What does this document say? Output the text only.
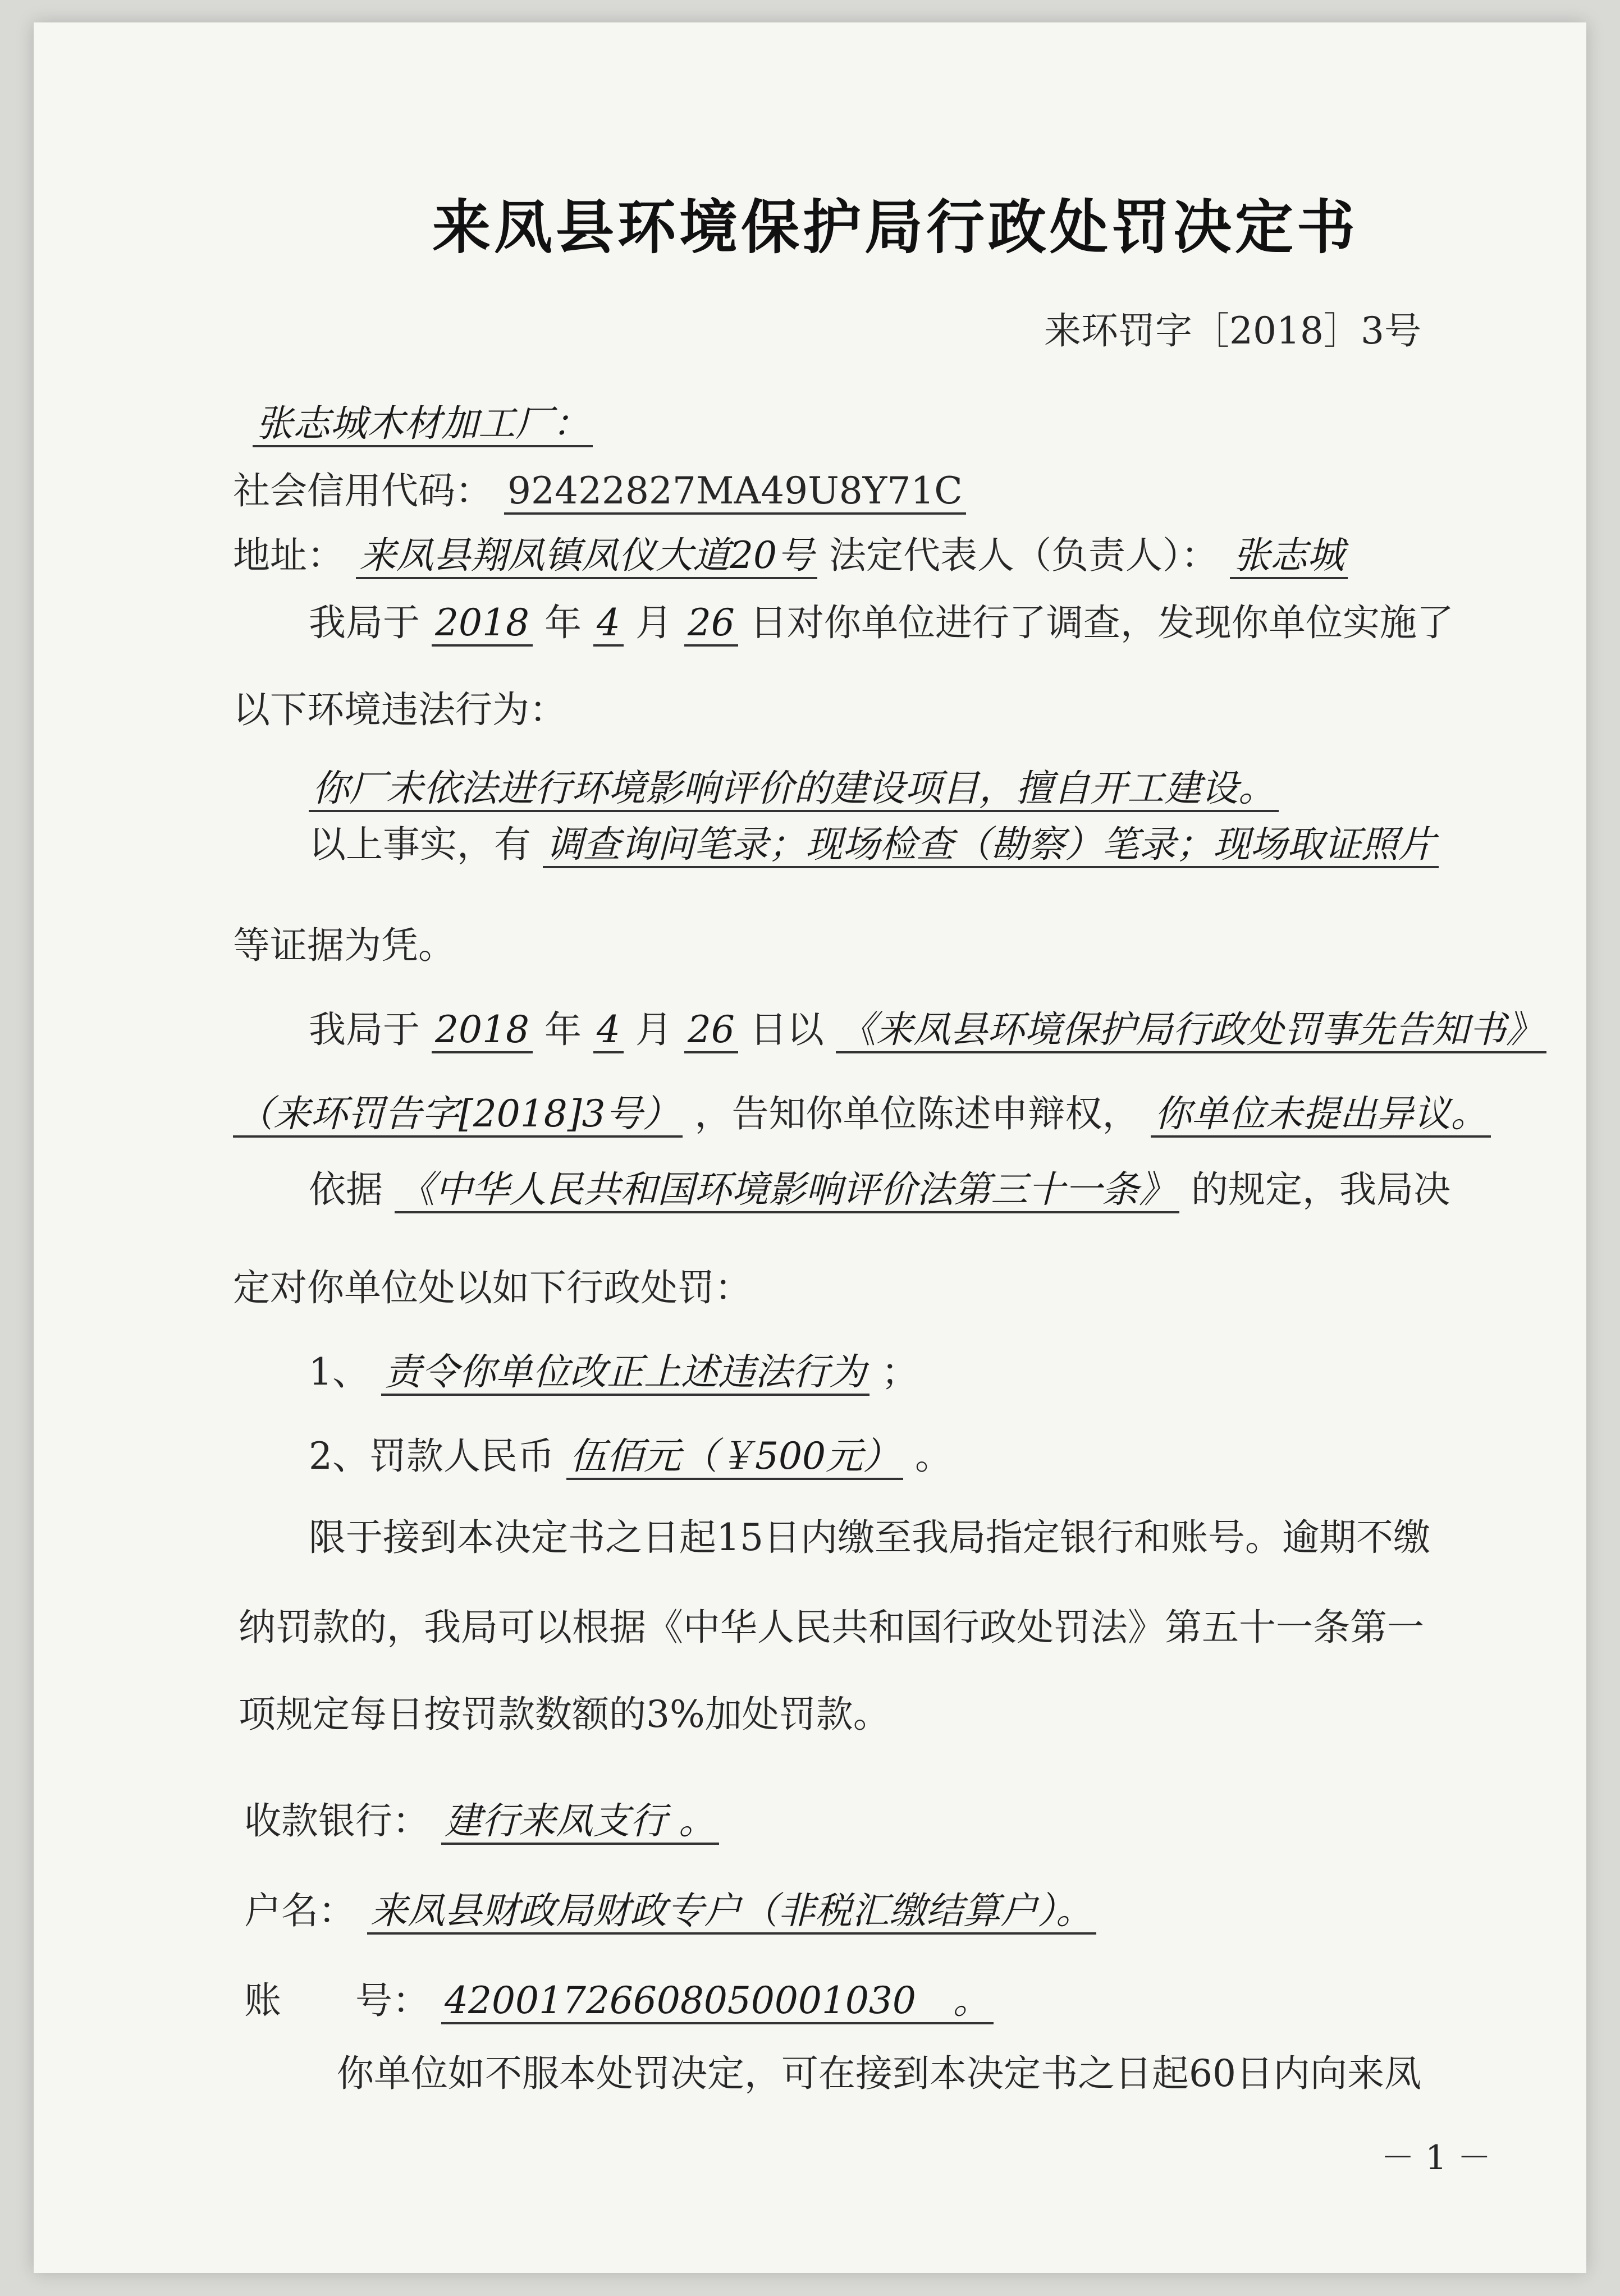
来凤县环境保护局行政处罚决定书
来环罚字［2018］3号
张志城木材加工厂：
社会信用代码： 92422827MA49U8Y71C
地址： 来凤县翔凤镇凤仪大道20号 法定代表人（负责人）： 张志城
我局于 2018 年 4 月 26 日对你单位进行了调查，发现你单位实施了
以下环境违法行为：
你厂未依法进行环境影响评价的建设项目，擅自开工建设。
以上事实，有 调查询问笔录；现场检查（勘察）笔录；现场取证照片
等证据为凭。
我局于 2018 年 4 月 26 日以 《来凤县环境保护局行政处罚事先告知书》
（来环罚告字[2018]3号） ，告知你单位陈述申辩权， 你单位未提出异议。
依据 《中华人民共和国环境影响评价法第三十一条》 的规定，我局决
定对你单位处以如下行政处罚：
1、 责令你单位改正上述违法行为 ；
2、罚款人民币 伍佰元（￥500元） 。
限于接到本决定书之日起15日内缴至我局指定银行和账号。逾期不缴
纳罚款的，我局可以根据《中华人民共和国行政处罚法》第五十一条第一
项规定每日按罚款数额的3%加处罚款。
收款银行： 建行来凤支行 。
户名： 来凤县财政局财政专户（非税汇缴结算户）。
账　　号： 42001726608050001030　。
你单位如不服本处罚决定，可在接到本决定书之日起60日内向来凤
－ 1 －
